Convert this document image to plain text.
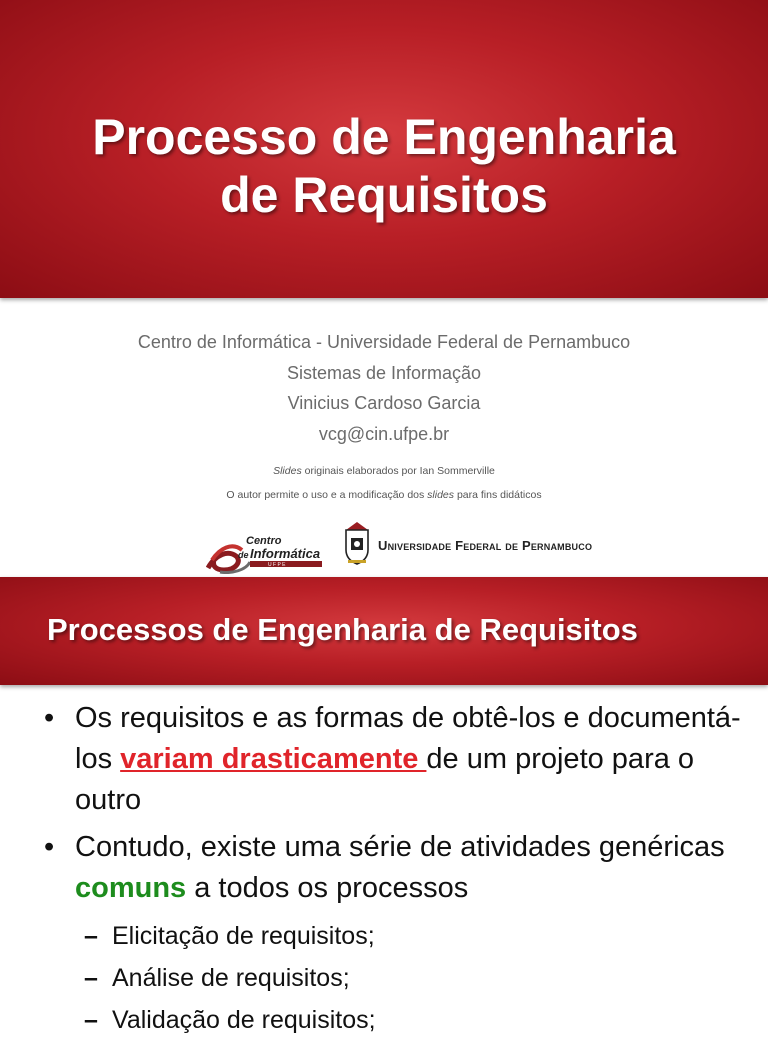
Processo de Engenharia
de Requisitos
Centro de Informática - Universidade Federal de Pernambuco
Sistemas de Informação
Vinicius Cardoso Garcia
vcg@cin.ufpe.br
Slides originais elaborados por Ian Sommerville
O autor permite o uso e a modificação dos slides para fins didáticos
Centro
de Informática
U F P E
Universidade Federal de Pernambuco
Processos de Engenharia de Requisitos
• Os requisitos e as formas de obtê-los e documentá-los variam drasticamente de um projeto para o outro
• Contudo, existe uma série de atividades genéricas comuns a todos os processos
– Elicitação de requisitos;
– Análise de requisitos;
– Validação de requisitos;
